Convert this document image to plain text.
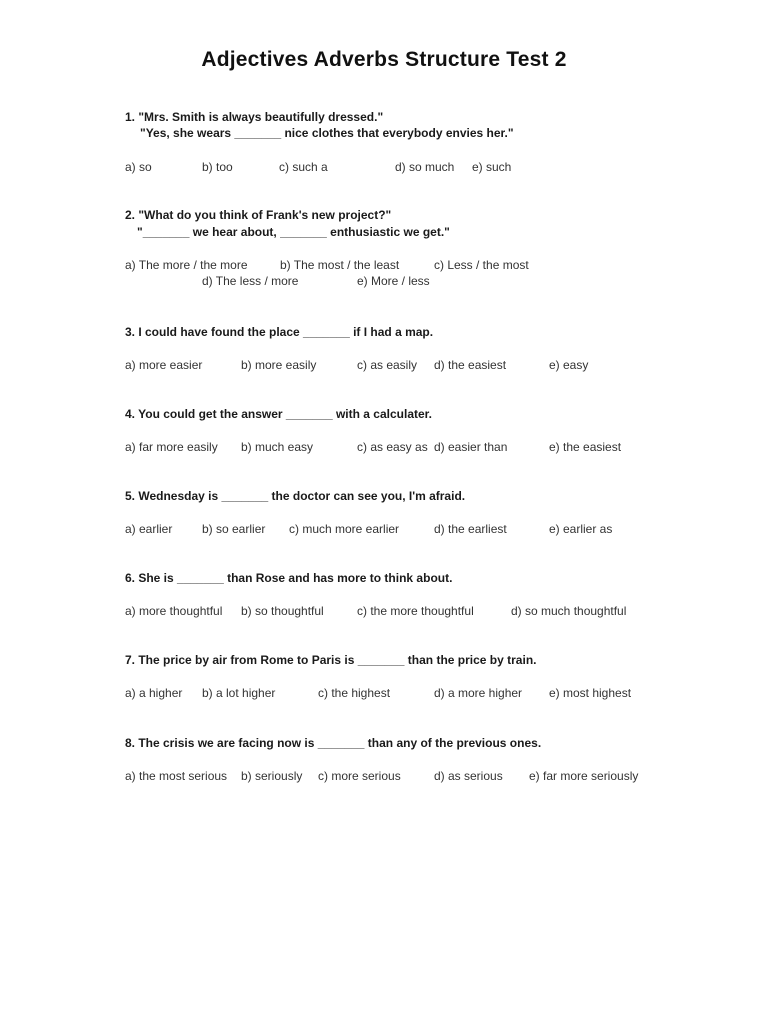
Adjectives Adverbs Structure Test 2
1. "Mrs. Smith is always beautifully dressed."
"Yes, she wears _______ nice clothes that everybody envies her."
a) so	b) too	c) such a	d) so much e) such
2. "What do you think of Frank's new project?"
"_______ we hear about, _______ enthusiastic we get."
a) The more / the more	b) The most / the least	c) Less / the most
d) The less / more	e) More / less
3. I could have found the place _______ if I had a map.
a) more easier	b) more easily	c) as easily d) the easiest	e) easy
4. You could get the answer _______ with a calculater.
a) far more easily b) much easy	c) as easy as d) easier than	e) the easiest
5. Wednesday is _______ the doctor can see you, I'm afraid.
a) earlier b) so earlier c) much more earlier	d) the earliest	e) earlier as
6. She is _______ than Rose and has more to think about.
a) more thoughtful b) so thoughtful	c) the more thoughtful	d) so much thoughtful
7. The price by air from Rome to Paris is _______ than the price by train.
a) a higher b) a lot higher	c) the highest	d) a more higher e) most highest
8. The crisis we are facing now is _______ than any of the previous ones.
a) the most serious b) seriously c) more serious	d) as serious e) far more seriously
